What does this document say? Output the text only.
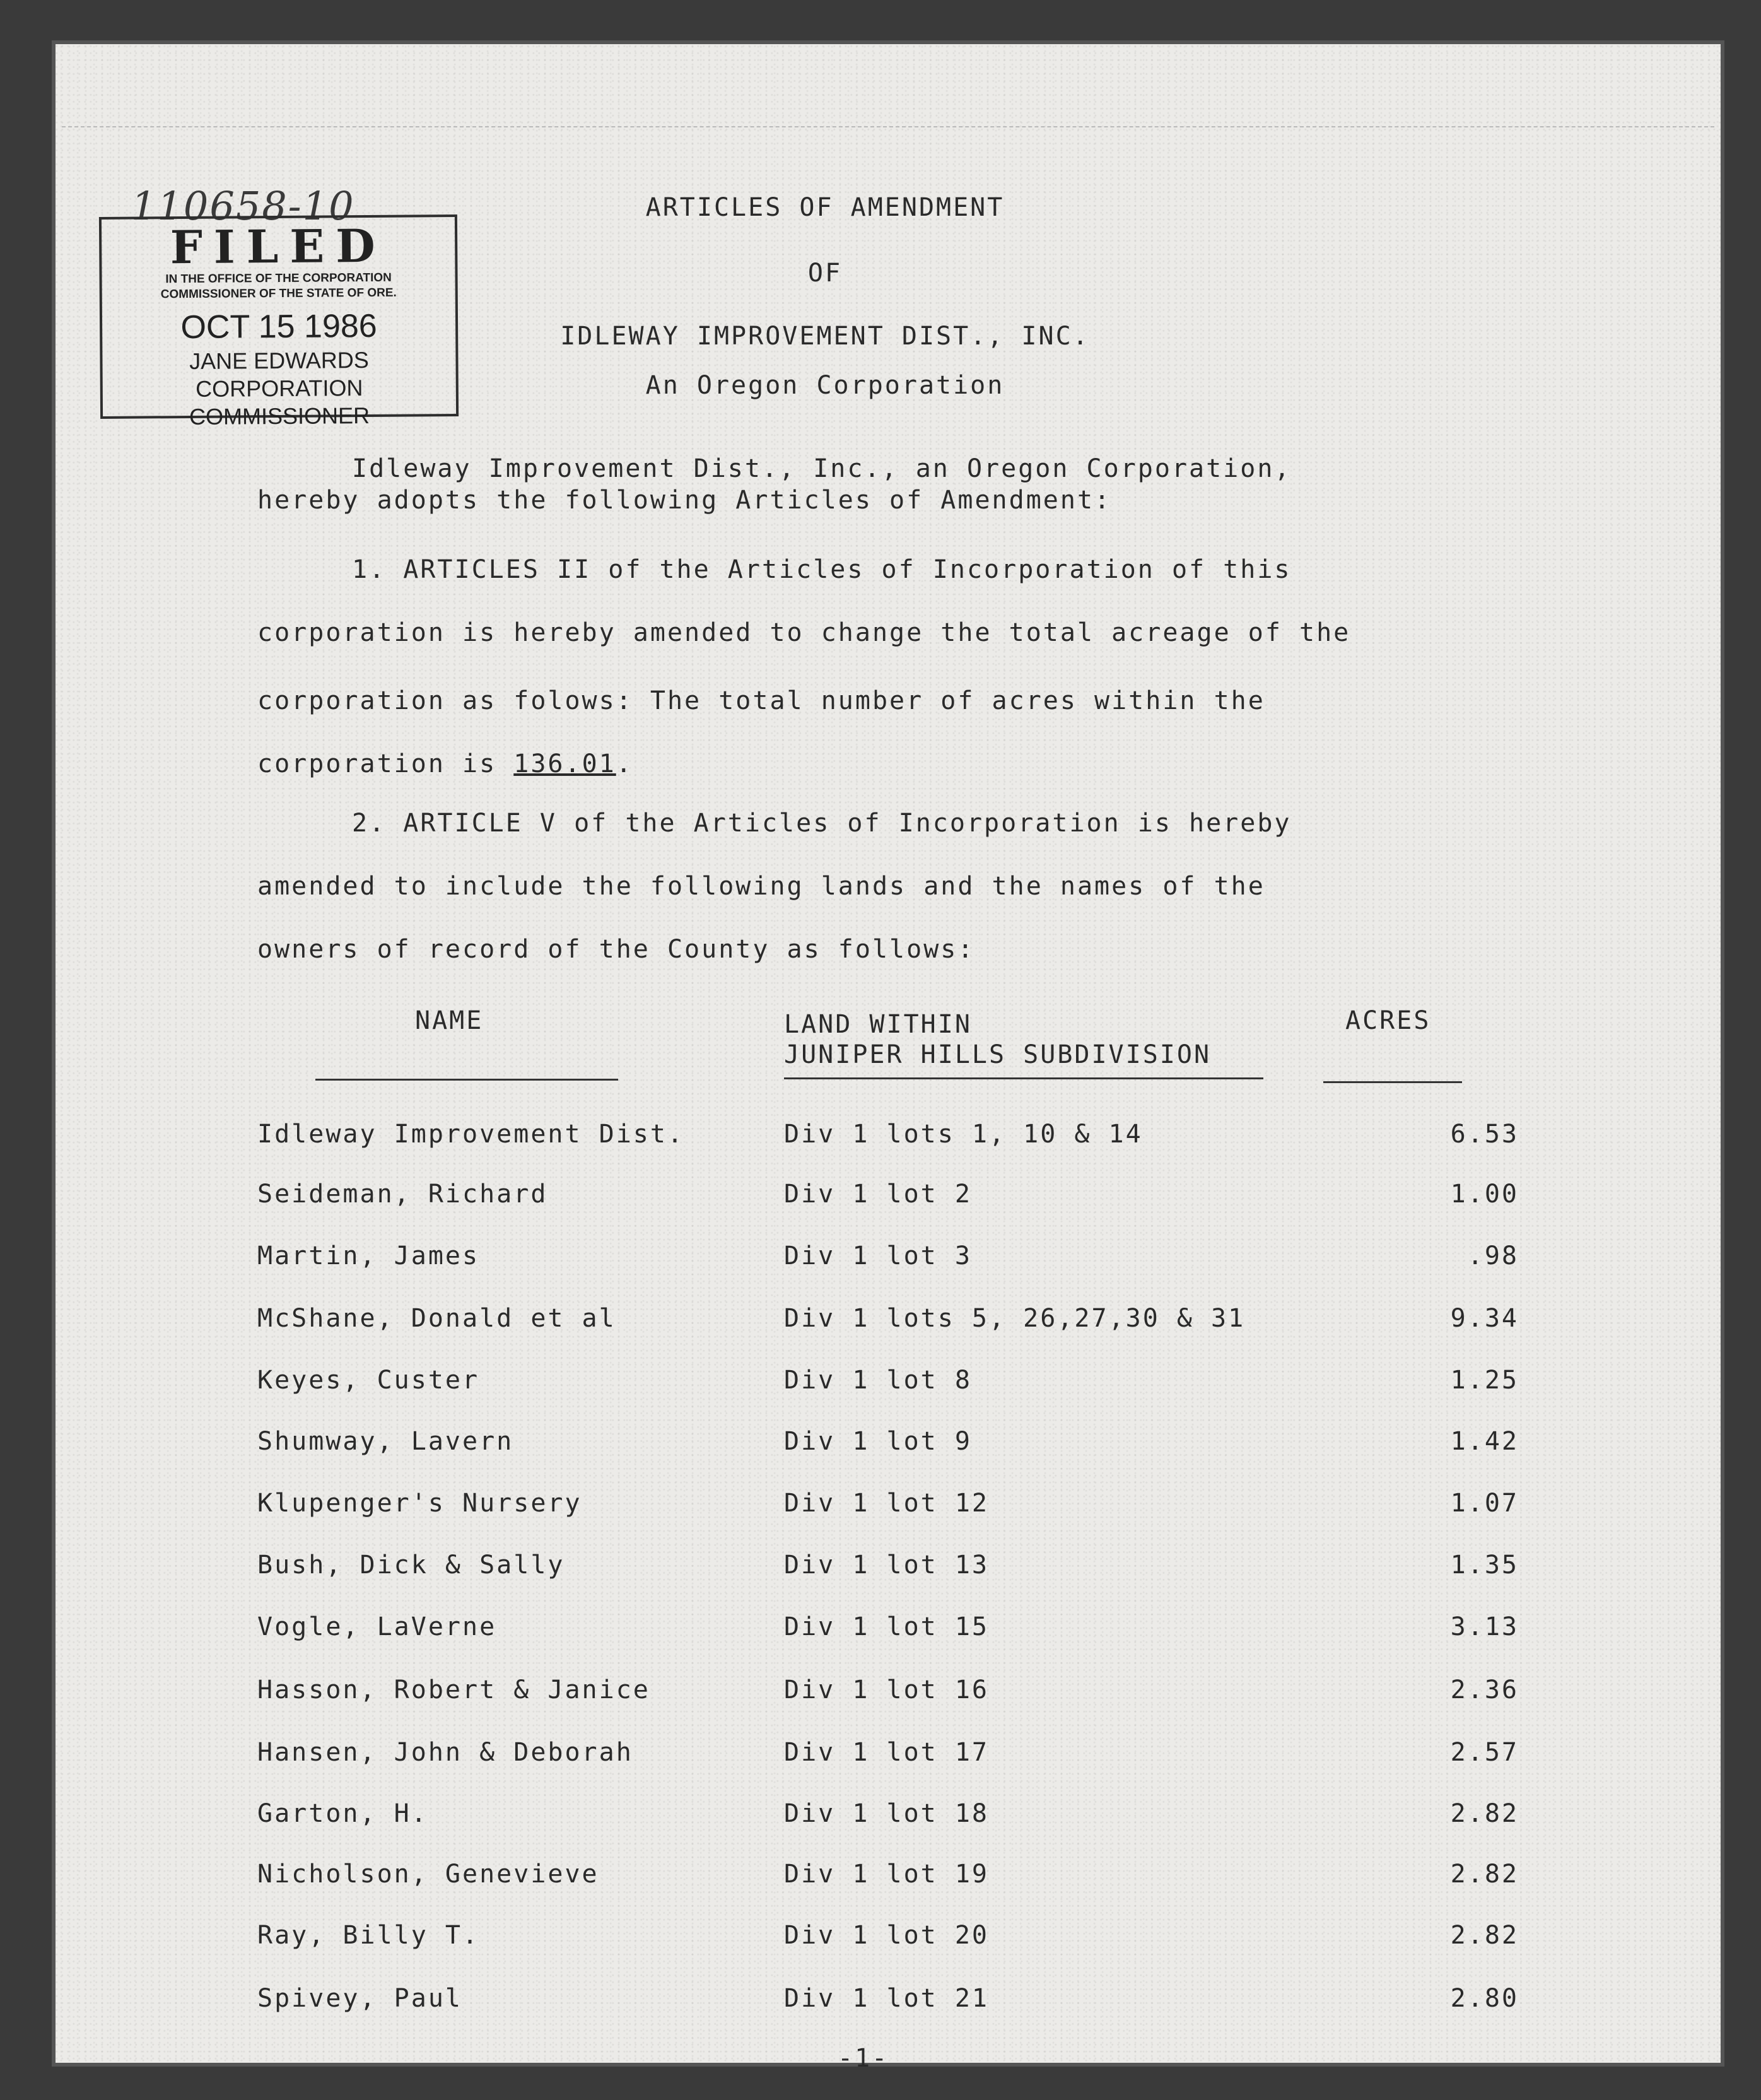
110658-10
FILED
IN THE OFFICE OF THE CORPORATION
COMMISSIONER OF THE STATE OF ORE.
OCT 15 1986
JANE EDWARDS
CORPORATION COMMISSIONER
ARTICLES OF AMENDMENT
OF
IDLEWAY IMPROVEMENT DIST., INC.
An Oregon Corporation
Idleway Improvement Dist., Inc., an Oregon Corporation,
hereby adopts the following Articles of Amendment:
1. ARTICLES II of the Articles of Incorporation of this
corporation is hereby amended to change the total acreage of the
corporation as folows: The total number of acres within the
corporation is 136.01.
2. ARTICLE V of the Articles of Incorporation is hereby
amended to include the following lands and the names of the
owners of record of the County as follows:
NAME	LAND WITHIN
JUNIPER HILLS SUBDIVISION
ACRES
Idleway Improvement Dist.	Div 1 lots 1, 10 & 14	6.53
Seideman, Richard	Div 1 lot 2	1.00
Martin, James	Div 1 lot 3	.98
McShane, Donald et al	Div 1 lots 5, 26,27,30 & 31	9.34
Keyes, Custer	Div 1 lot 8	1.25
Shumway, Lavern	Div 1 lot 9	1.42
Klupenger's Nursery	Div 1 lot 12	1.07
Bush, Dick & Sally	Div 1 lot 13	1.35
Vogle, LaVerne	Div 1 lot 15	3.13
Hasson, Robert & Janice	Div 1 lot 16	2.36
Hansen, John & Deborah	Div 1 lot 17	2.57
Garton, H.	Div 1 lot 18	2.82
Nicholson, Genevieve	Div 1 lot 19	2.82
Ray, Billy T.	Div 1 lot 20	2.82
Spivey, Paul	Div 1 lot 21	2.80
-1-
